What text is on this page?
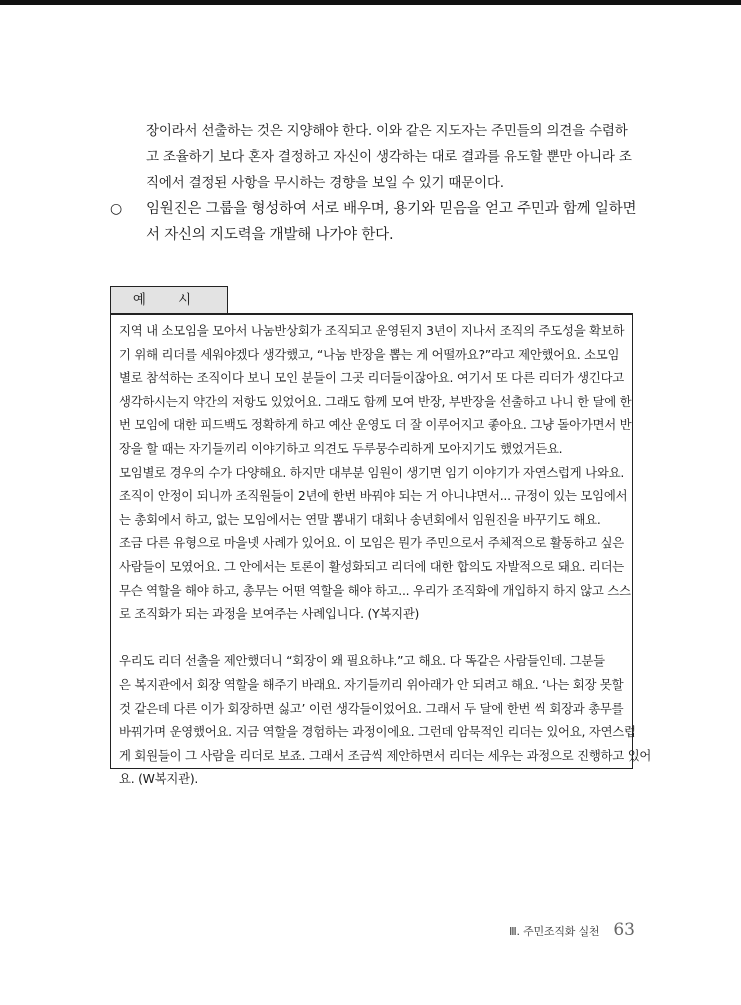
장이라서 선출하는 것은 지양해야 한다. 이와 같은 지도자는 주민들의 의견을 수렴하
고 조율하기 보다 혼자 결정하고 자신이 생각하는 대로 결과를 유도할 뿐만 아니라 조
직에서 결정된 사항을 무시하는 경향을 보일 수 있기 때문이다.
○	임원진은 그룹을 형성하여 서로 배우며, 용기와 믿음을 얻고 주민과 함께 일하면
서 자신의 지도력을 개발해 나가야 한다.
예 시
지역 내 소모임을 모아서 나눔반상회가 조직되고 운영된지 3년이 지나서 조직의 주도성을 확보하
기 위해 리더를 세워야겠다 생각했고, “나눔 반장을 뽑는 게 어떨까요?”라고 제안했어요. 소모임
별로 참석하는 조직이다 보니 모인 분들이 그곳 리더들이잖아요. 여기서 또 다른 리더가 생긴다고
생각하시는지 약간의 저항도 있었어요. 그래도 함께 모여 반장, 부반장을 선출하고 나니 한 달에 한
번 모임에 대한 피드백도 정확하게 하고 예산 운영도 더 잘 이루어지고 좋아요. 그냥 돌아가면서 반
장을 할 때는 자기들끼리 이야기하고 의견도 두루뭉수리하게 모아지기도 했었거든요.
모임별로 경우의 수가 다양해요. 하지만 대부분 임원이 생기면 임기 이야기가 자연스럽게 나와요.
조직이 안정이 되니까 조직원들이 2년에 한번 바꿔야 되는 거 아니냐면서... 규정이 있는 모임에서
는 총회에서 하고, 없는 모임에서는 연말 뽐내기 대회나 송년회에서 임원진을 바꾸기도 해요.
조금 다른 유형으로 마을넷 사례가 있어요. 이 모임은 뭔가 주민으로서 주체적으로 활동하고 싶은
사람들이 모였어요. 그 안에서는 토론이 활성화되고 리더에 대한 합의도 자발적으로 돼요. 리더는
무슨 역할을 해야 하고, 총무는 어떤 역할을 해야 하고... 우리가 조직화에 개입하지 하지 않고 스스
로 조직화가 되는 과정을 보여주는 사례입니다. (Y복지관)
우리도 리더 선출을 제안했더니 “회장이 왜 필요하냐.”고 해요. 다 똑같은 사람들인데. 그분들
은 복지관에서 회장 역할을 해주기 바래요. 자기들끼리 위아래가 안 되려고 해요. ‘나는 회장 못할
것 같은데 다른 이가 회장하면 싫고’ 이런 생각들이었어요. 그래서 두 달에 한번 씩 회장과 총무를
바꿔가며 운영했어요. 지금 역할을 경험하는 과정이에요. 그런데 암묵적인 리더는 있어요, 자연스럽
게 회원들이 그 사람을 리더로 보죠. 그래서 조금씩 제안하면서 리더는 세우는 과정으로 진행하고 있어
요. (W복지관).
Ⅲ. 주민조직화 실천 63
